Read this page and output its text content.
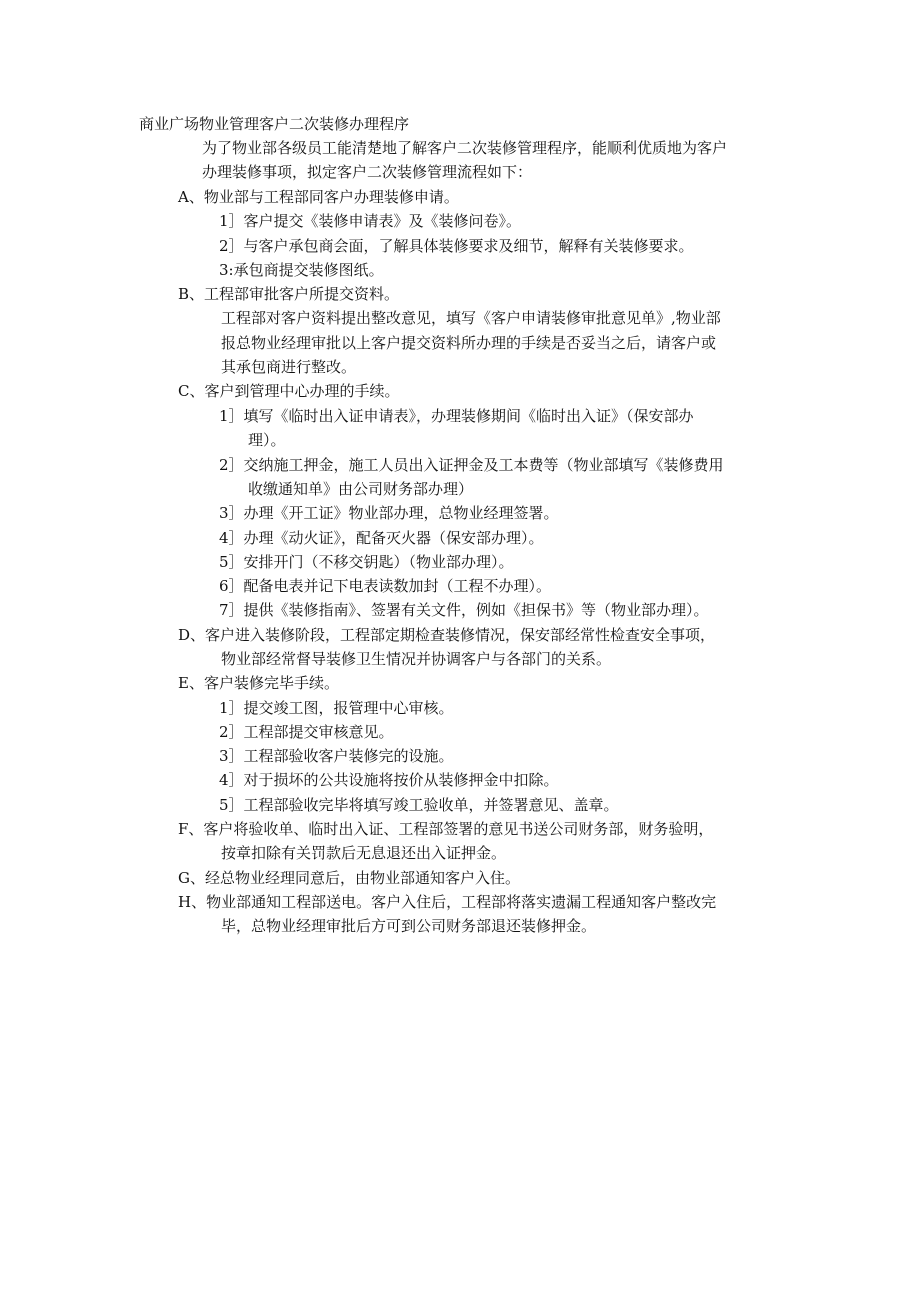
商业广场物业管理客户二次装修办理程序
为了物业部各级员工能清楚地了解客户二次装修管理程序，能顺利优质地为客户
办理装修事项，拟定客户二次装修管理流程如下：
A、物业部与工程部同客户办理装修申请。
1］客户提交《装修申请表》及《装修问卷》。
2］与客户承包商会面，了解具体装修要求及细节，解释有关装修要求。
3:承包商提交装修图纸。
B、工程部审批客户所提交资料。
工程部对客户资料提出整改意见，填写《客户申请装修审批意见单》,物业部
报总物业经理审批以上客户提交资料所办理的手续是否妥当之后，请客户或
其承包商进行整改。
C、客户到管理中心办理的手续。
1］填写《临时出入证申请表》，办理装修期间《临时出入证》（保安部办
理）。
2］交纳施工押金，施工人员出入证押金及工本费等（物业部填写《装修费用
收缴通知单》由公司财务部办理）
3］办理《开工证》物业部办理，总物业经理签署。
4］办理《动火证》，配备灭火器（保安部办理）。
5］安排开门（不移交钥匙）（物业部办理）。
6］配备电表并记下电表读数加封（工程不办理）。
7］提供《装修指南》、签署有关文件，例如《担保书》等（物业部办理）。
D、客户进入装修阶段，工程部定期检查装修情况，保安部经常性检查安全事项，
物业部经常督导装修卫生情况并协调客户与各部门的关系。
E、客户装修完毕手续。
1］提交竣工图，报管理中心审核。
2］工程部提交审核意见。
3］工程部验收客户装修完的设施。
4］对于损坏的公共设施将按价从装修押金中扣除。
5］工程部验收完毕将填写竣工验收单，并签署意见、盖章。
F、客户将验收单、临时出入证、工程部签署的意见书送公司财务部，财务验明，
按章扣除有关罚款后无息退还出入证押金。
G、经总物业经理同意后，由物业部通知客户入住。
H、物业部通知工程部送电。客户入住后，工程部将落实遗漏工程通知客户整改完
毕，总物业经理审批后方可到公司财务部退还装修押金。
